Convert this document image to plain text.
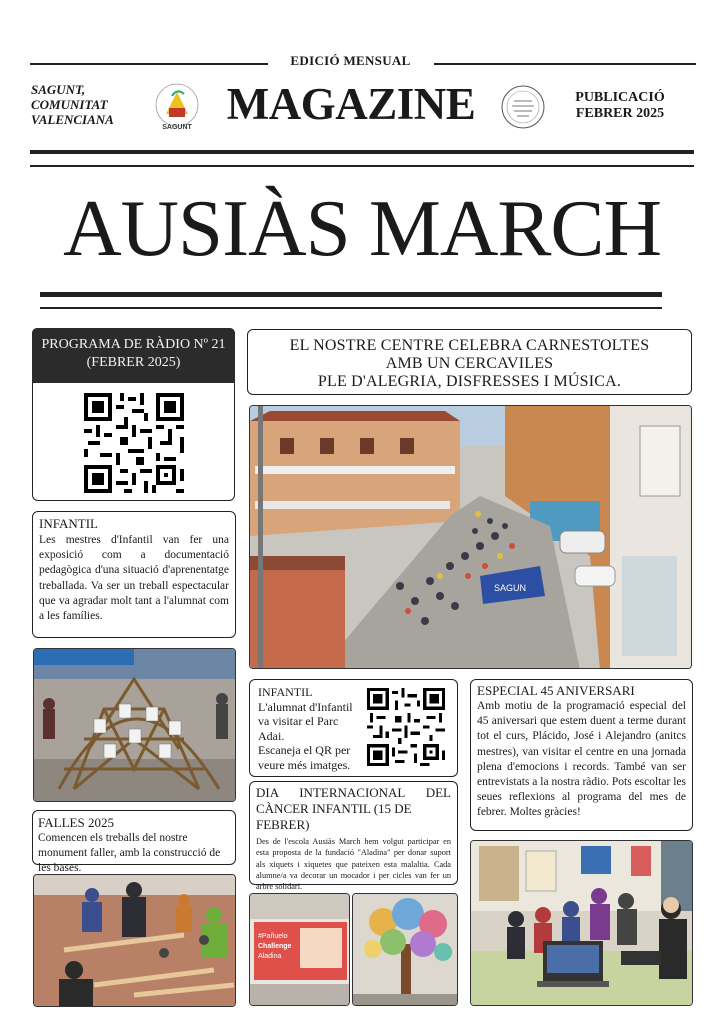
EDICIÓ MENSUAL
SAGUNT,
COMUNITAT
VALENCIANA
SAGUNT MAGAZINE	PUBLICACIÓ
FEBRER 2025
AUSIÀS MARCH
PROGRAMA DE RÀDIO Nº 21
(FEBRER 2025)
EL NOSTRE CENTRE CELEBRA CARNESTOLTES
AMB UN CERCAVILES
PLE D'ALEGRIA, DISFRESSES I MÚSICA.
SAGUN
INFANTIL
Les mestres d'Infantil van fer una exposició com a documentació pedagògica d'una situació d'aprenentatge treballada. Va ser un treball espectacular que va agradar molt tant a l'alumnat com a les famílies.
INFANTIL
L'alumnat d'Infantil
va visitar el Parc
Adai.
Escaneja el QR per
veure més imatges.
ESPECIAL 45 ANIVERSARI
Amb motiu de la programació especial del 45 aniversari que estem duent a terme durant tot el curs, Plácido, José i Alejandro (anitcs mestres), van visitar el centre en una jornada plena d'emocions i records. També van ser entrevistats a la nostra ràdio. Pots escoltar les seues reflexions al programa del mes de febrer. Moltes gràcies!
DIA INTERNACIONAL DEL
CÀNCER INFANTIL (15 DE FEBRER)
Des de l'escola Ausiàs March hem volgut participar en esta proposta de la fundació "Aladina" per donar suport als xiquets i xiquetes que pateixen esta malaltia. Cada alumne/a va decorar un mocador i per cicles van fer un arbre solidari.
FALLES 2025
Comencen els treballs del nostre monument faller, amb la construcció de les bases.
#Pañuelo
Challenge
Aladina
